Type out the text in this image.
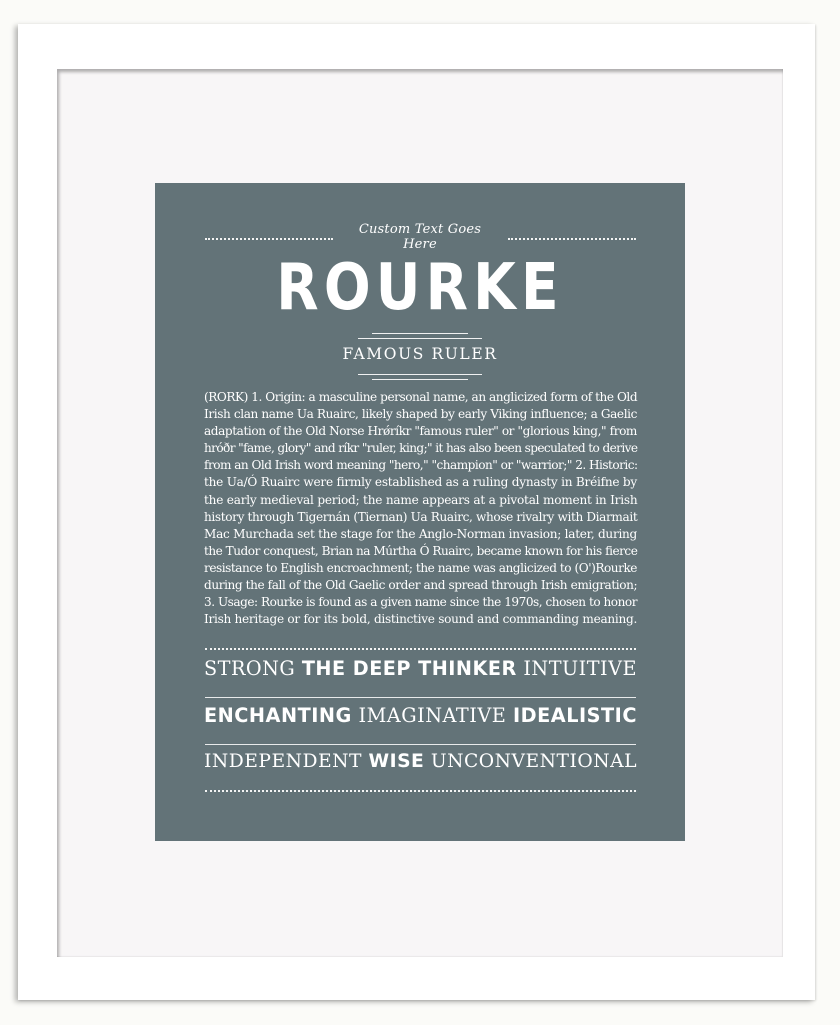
Custom Text Goes Here
ROURKE
FAMOUS RULER
(RORK) 1. Origin: a masculine personal name, an anglicized form of the Old
Irish clan name Ua Ruairc, likely shaped by early Viking influence; a Gaelic
adaptation of the Old Norse Hrǿríkr "famous ruler" or "glorious king," from
hróðr "fame, glory" and ríkr "ruler, king;" it has also been speculated to derive
from an Old Irish word meaning "hero," "champion" or "warrior;" 2. Historic:
the Ua/Ó Ruairc were firmly established as a ruling dynasty in Bréifne by
the early medieval period; the name appears at a pivotal moment in Irish
history through Tigernán (Tiernan) Ua Ruairc, whose rivalry with Diarmait
Mac Murchada set the stage for the Anglo-Norman invasion; later, during
the Tudor conquest, Brian na Múrtha Ó Ruairc, became known for his fierce
resistance to English encroachment; the name was anglicized to (O')Rourke
during the fall of the Old Gaelic order and spread through Irish emigration;
3. Usage: Rourke is found as a given name since the 1970s, chosen to honor
Irish heritage or for its bold, distinctive sound and commanding meaning.
STRONG THE DEEP THINKER INTUITIVE
ENCHANTING IMAGINATIVE IDEALISTIC
INDEPENDENT WISE UNCONVENTIONAL
